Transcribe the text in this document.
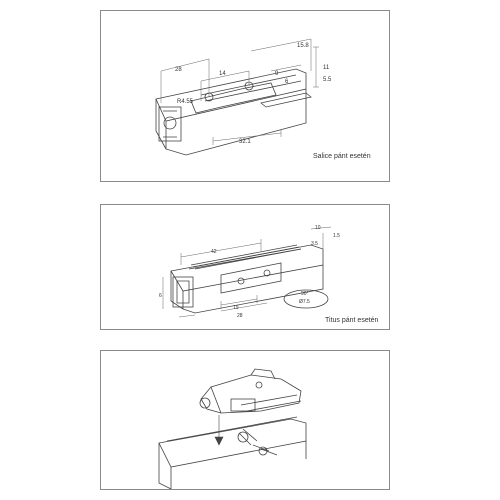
28
14
15.8
11
R4.55
9
6
32.1
5.5
Salice pánt esetén
42
19
28
10
1.5
3.5
6	90°
Ø7.5
Titus pánt esetén
